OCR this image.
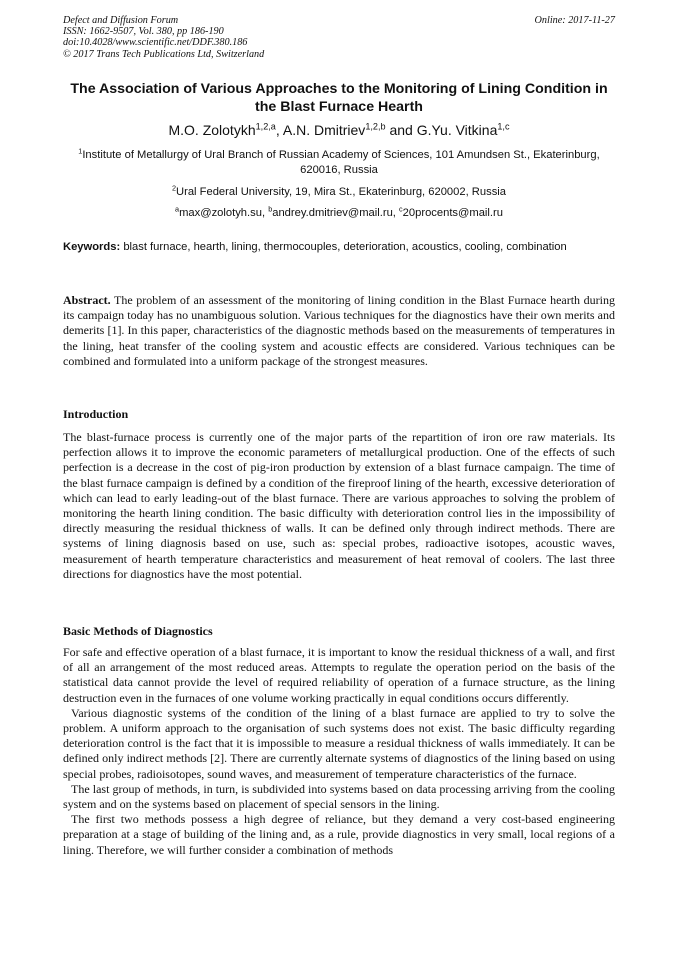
Defect and Diffusion Forum
ISSN: 1662-9507, Vol. 380, pp 186-190
doi:10.4028/www.scientific.net/DDF.380.186
© 2017 Trans Tech Publications Ltd, Switzerland
Online: 2017-11-27
The Association of Various Approaches to the Monitoring of Lining Condition in the Blast Furnace Hearth
M.O. Zolotykh$^{1,2,a}$, A.N. Dmitriev$^{1,2,b}$ and G.Yu. Vitkina$^{1,c}$
$^1$Institute of Metallurgy of Ural Branch of Russian Academy of Sciences, 101 Amundsen St., Ekaterinburg, 620016, Russia
$^2$Ural Federal University, 19, Mira St., Ekaterinburg, 620002, Russia
$^a$max@zolotyh.su, $^b$andrey.dmitriev@mail.ru, $^c$20procents@mail.ru
Keywords: blast furnace, hearth, lining, thermocouples, deterioration, acoustics, cooling, combination
Abstract. The problem of an assessment of the monitoring of lining condition in the Blast Furnace hearth during its campaign today has no unambiguous solution. Various techniques for the diagnostics have their own merits and demerits [1]. In this paper, characteristics of the diagnostic methods based on the measurements of temperatures in the lining, heat transfer of the cooling system and acoustic effects are considered. Various techniques can be combined and formulated into a uniform package of the strongest measures.
Introduction
The blast-furnace process is currently one of the major parts of the repartition of iron ore raw materials. Its perfection allows it to improve the economic parameters of metallurgical production. One of the effects of such perfection is a decrease in the cost of pig-iron production by extension of a blast furnace campaign. The time of the blast furnace campaign is defined by a condition of the fireproof lining of the hearth, excessive deterioration of which can lead to early leading-out of the blast furnace. There are various approaches to solving the problem of monitoring the hearth lining condition. The basic difficulty with deterioration control lies in the impossibility of directly measuring the residual thickness of walls. It can be defined only through indirect methods. There are systems of lining diagnosis based on use, such as: special probes, radioactive isotopes, acoustic waves, measurement of hearth temperature characteristics and measurement of heat removal of coolers. The last three directions for diagnostics have the most potential.
Basic Methods of Diagnostics

For safe and effective operation of a blast furnace, it is important to know the residual thickness of a wall, and first of all an arrangement of the most reduced areas. Attempts to regulate the operation period on the basis of the statistical data cannot provide the level of required reliability of operation of a furnace structure, as the lining destruction even in the furnaces of one volume working practically in equal conditions occurs differently.

Various diagnostic systems of the condition of the lining of a blast furnace are applied to try to solve the problem. A uniform approach to the organisation of such systems does not exist. The basic difficulty regarding deterioration control is the fact that it is impossible to measure a residual thickness of walls immediately. It can be defined only indirect methods [2]. There are currently alternate systems of diagnostics of the lining based on using special probes, radioisotopes, sound waves, and measurement of temperature characteristics of the furnace.

The last group of methods, in turn, is subdivided into systems based on data processing arriving from the cooling system and on the systems based on placement of special sensors in the lining.

The first two methods possess a high degree of reliance, but they demand a very cost-based engineering preparation at a stage of building of the lining and, as a rule, provide diagnostics in very small, local regions of a lining. Therefore, we will further consider a combination of methods
